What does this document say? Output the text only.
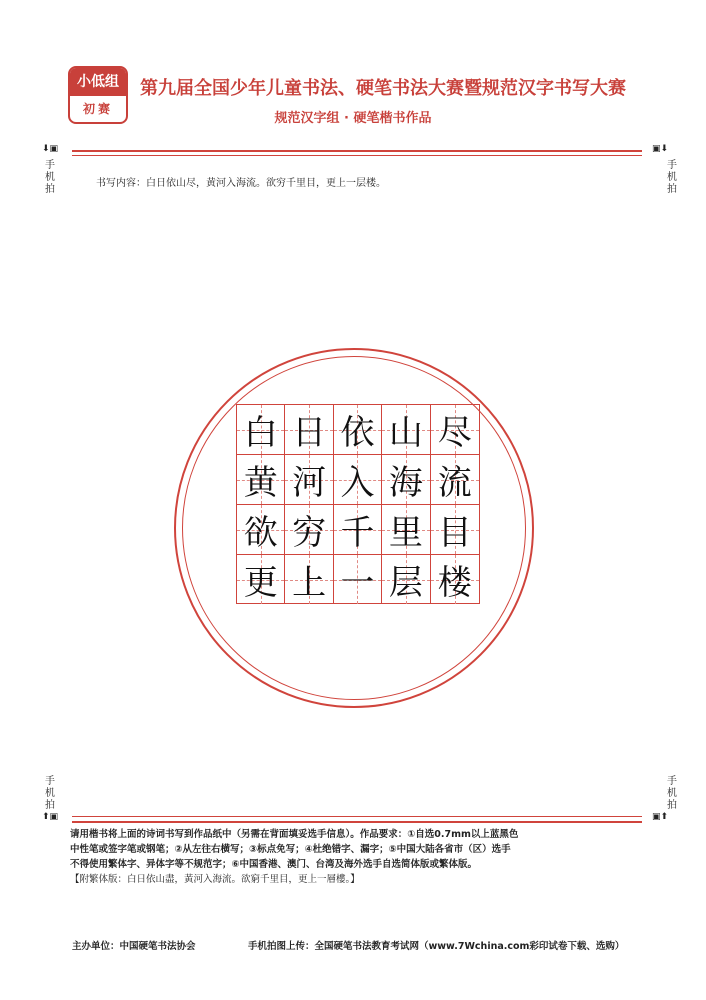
小低组
初赛
第九届全国少年儿童书法、硬笔书法大赛暨规范汉字书写大赛
规范汉字组 · 硬笔楷书作品
⬇▣
手机拍
▣⬇
手机拍
书写内容：白日依山尽，黄河入海流。欲穷千里目，更上一层楼。
白 日 依 山 尽
黄 河 入 海 流
欲 穷 千 里 目
更 上 一 层 楼
手机拍
⬆▣
手机拍
▣⬆

请用楷书将上面的诗词书写到作品纸中（另需在背面填妥选手信息）。作品要求：①自选0.7mm以上蓝黑色

中性笔或签字笔或钢笔；②从左往右横写；③标点免写；④杜绝错字、漏字；⑤中国大陆各省市（区）选手

不得使用繁体字、异体字等不规范字；⑥中国香港、澳门、台湾及海外选手自选简体版或繁体版。

【附繁体版：白日依山盡，黃河入海流。欲窮千里目，更上一層樓。】

主办单位：中国硬笔书法协会	手机拍图上传：全国硬笔书法教育考试网（www.7Wchina.com彩印试卷下载、选购）
